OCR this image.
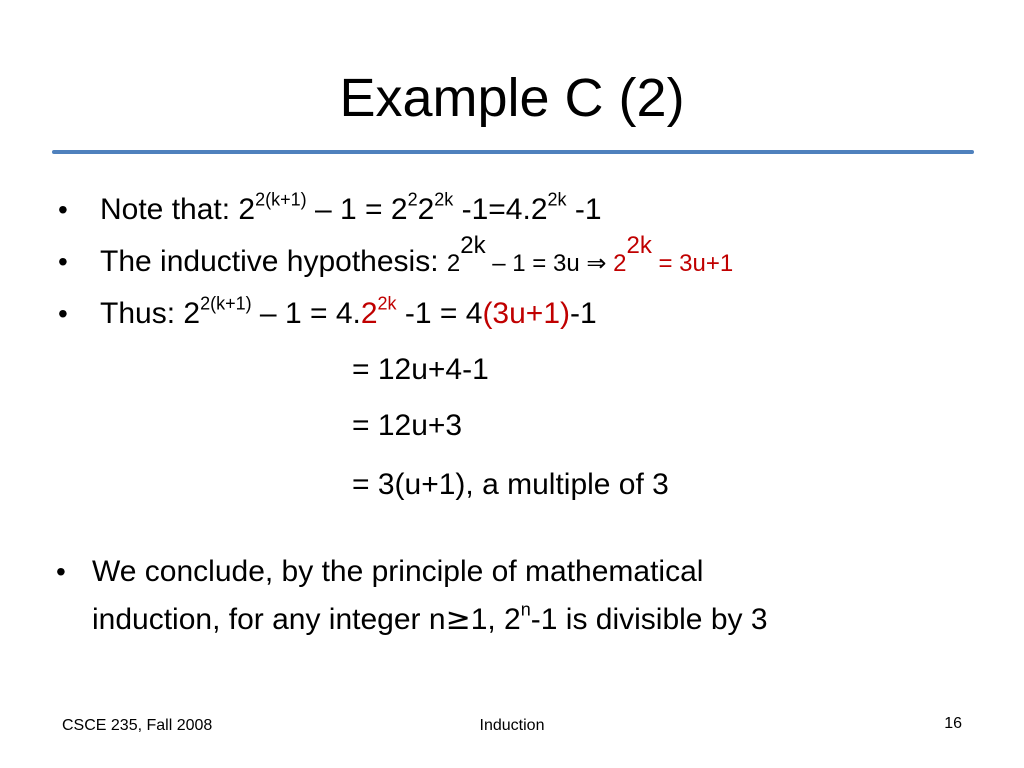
Example C (2)
• Note that: $2^{2(k+1)} - 1 = 2^22^{2k}$ $-1=4.2^{2k}$ -1
• The inductive hypothesis: $2^{2k} - 1 = 3u$ ⇒ $2^{2k} = 3u+1$
• Thus: $2^{2(k+1)} - 1 = 4.2^{2k}$ -1 = 4(3u+1)-1
= 12u+4-1
= 12u+3
= 3(u+1), a multiple of 3
• We conclude, by the principle of mathematical
induction, for any integer n≥1, 2$^n$-1 is divisible by 3
CSCE 235, Fall 2008	Induction	16
